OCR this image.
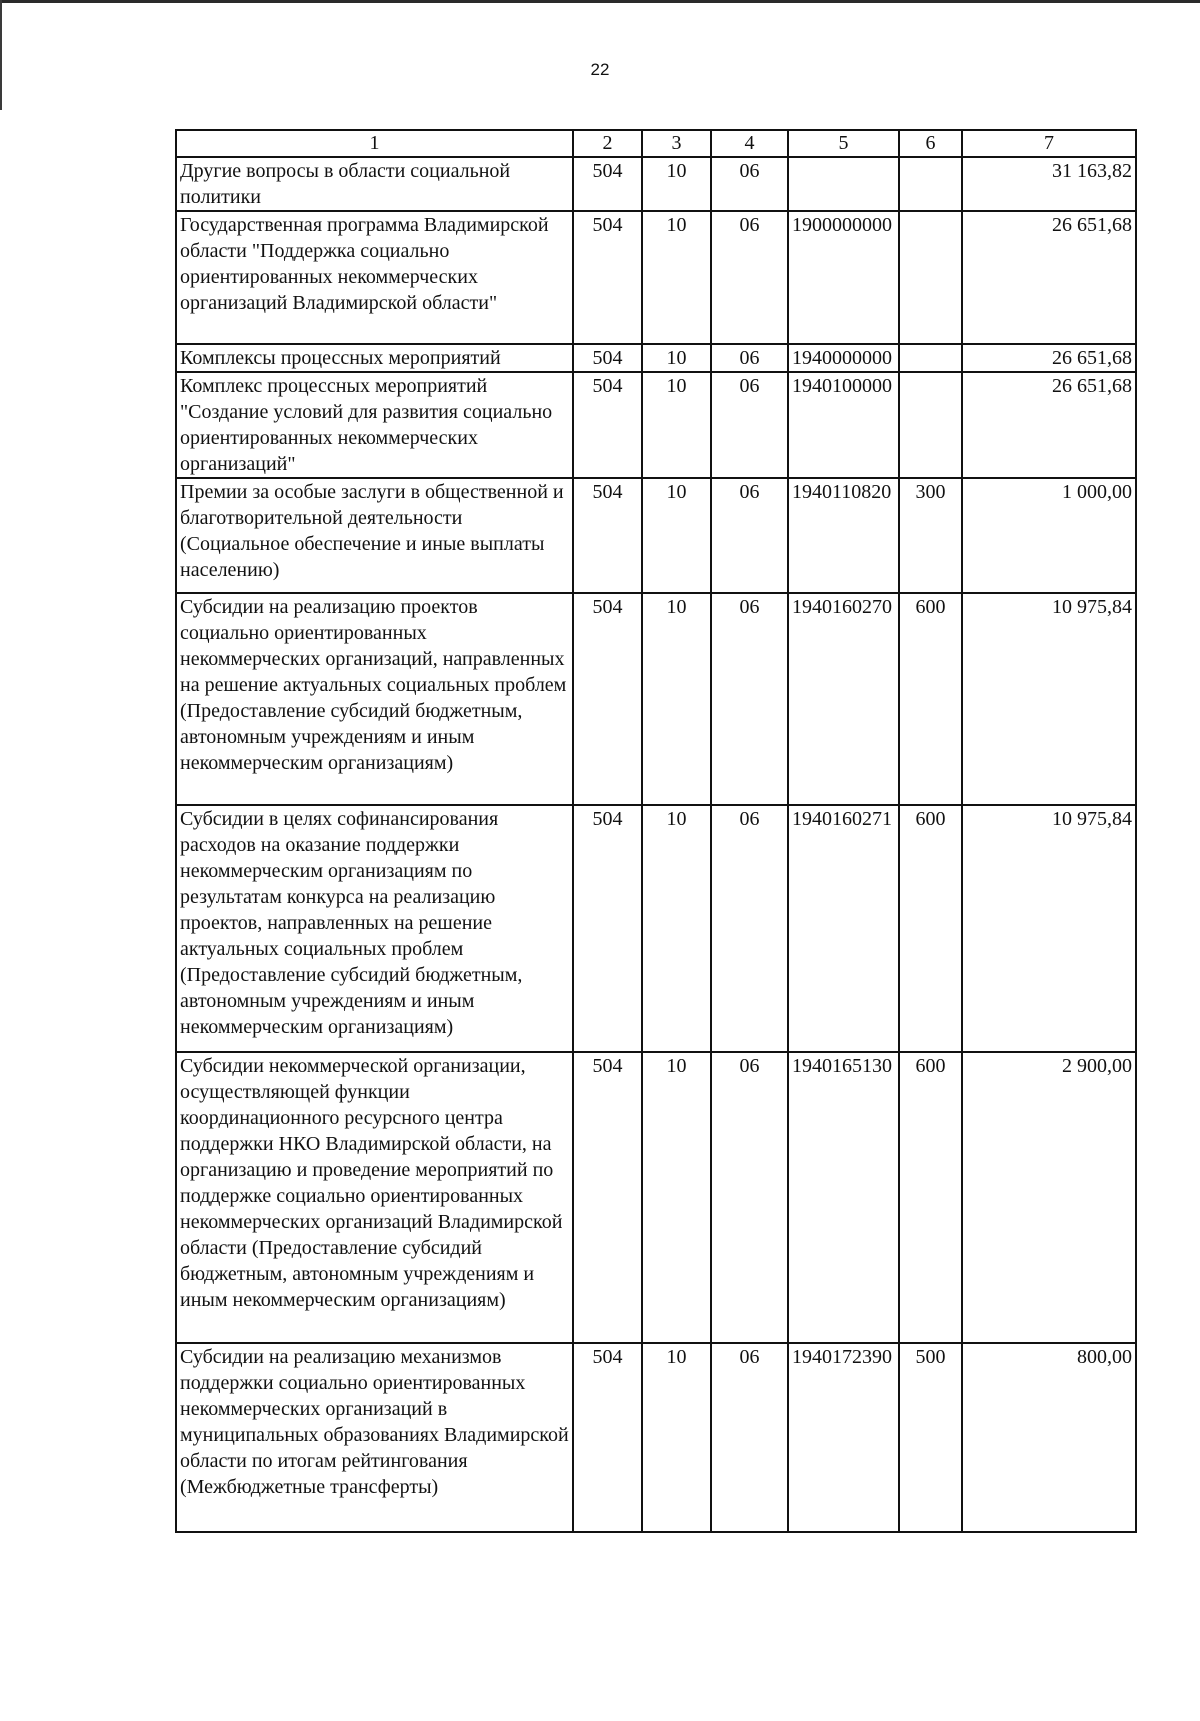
22
1	2	3	4	5	6	7
Другие вопросы в области социальной политики	504	10	06			31 163,82
Государственная программа Владимирской области "Поддержка социально ориентированных некоммерческих организаций Владимирской области"	504	10	06	1900000000		26 651,68
Комплексы процессных мероприятий	504	10	06	1940000000		26 651,68
Комплекс процессных мероприятий "Создание условий для развития социально ориентированных некоммерческих организаций"	504	10	06	1940100000		26 651,68
Премии за особые заслуги в общественной и благотворительной деятельности (Социальное обеспечение и иные выплаты населению)	504	10	06	1940110820	300	1 000,00
Субсидии на реализацию проектов социально ориентированных некоммерческих организаций, направленных на решение актуальных социальных проблем (Предоставление субсидий бюджетным, автономным учреждениям и иным некоммерческим организациям)	504	10	06	1940160270	600	10 975,84
Субсидии в целях софинансирования расходов на оказание поддержки некоммерческим организациям по результатам конкурса на реализацию проектов, направленных на решение актуальных социальных проблем (Предоставление субсидий бюджетным, автономным учреждениям и иным некоммерческим организациям)	504	10	06	1940160271	600	10 975,84
Субсидии некоммерческой организации, осуществляющей функции координационного ресурсного центра поддержки НКО Владимирской области, на организацию и проведение мероприятий по поддержке социально ориентированных некоммерческих организаций Владимирской области (Предоставление субсидий бюджетным, автономным учреждениям и иным некоммерческим организациям)	504	10	06	1940165130	600	2 900,00
Субсидии на реализацию механизмов поддержки социально ориентированных некоммерческих организаций в муниципальных образованиях Владимирской области по итогам рейтингования (Межбюджетные трансферты)	504	10	06	1940172390	500	800,00
